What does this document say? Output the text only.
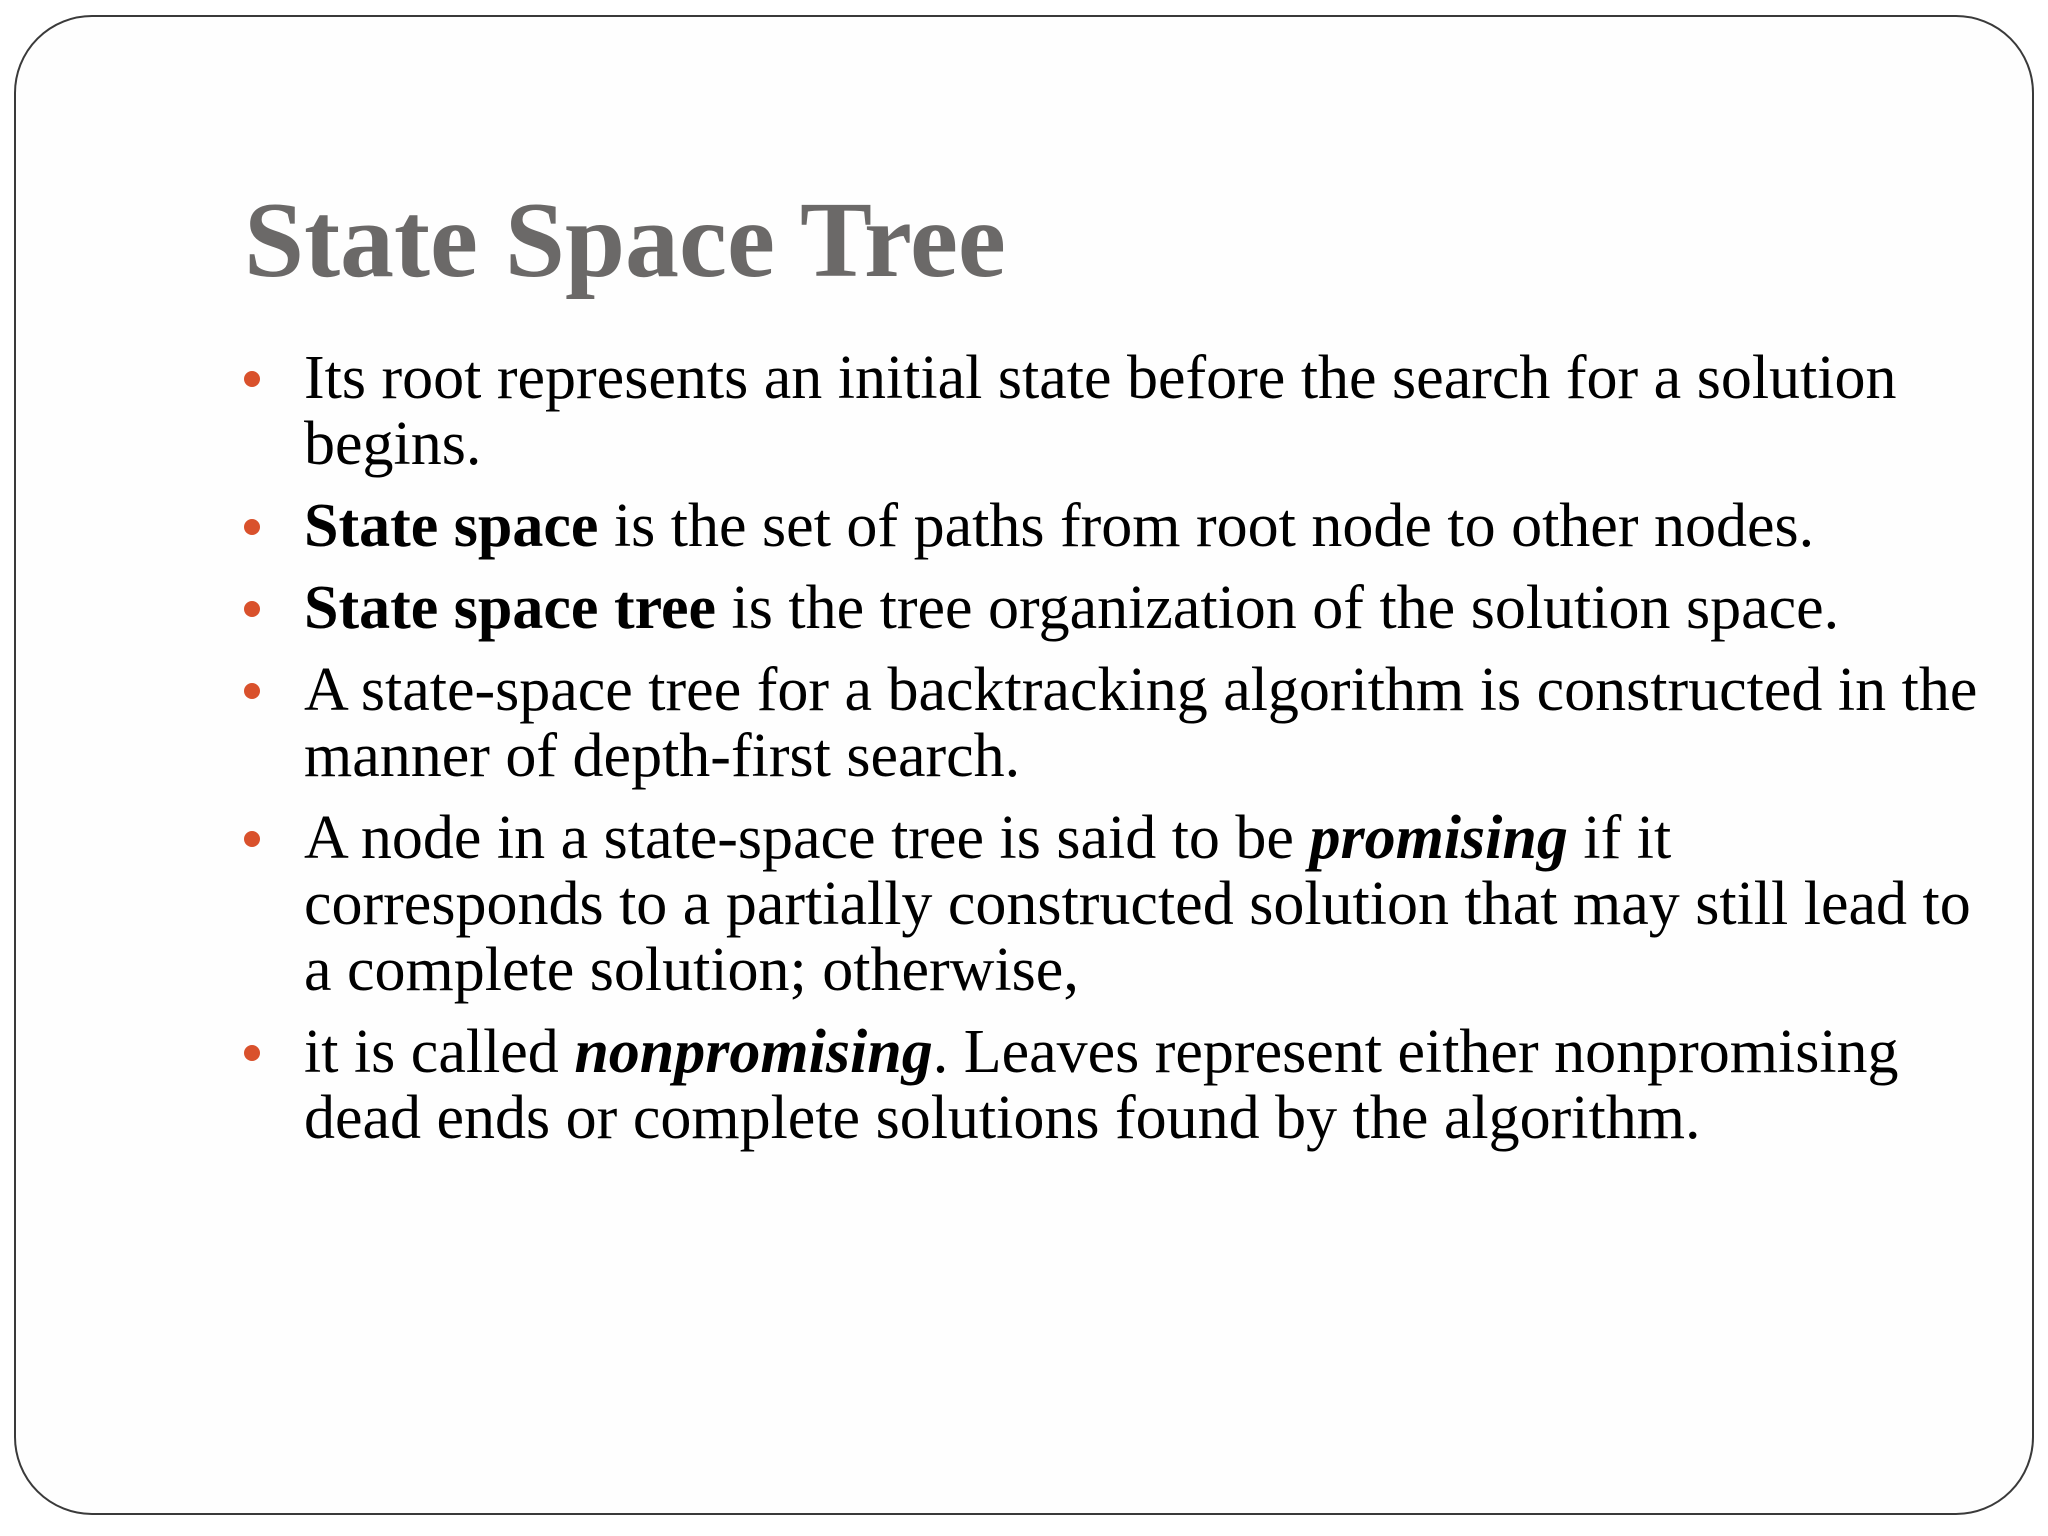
State Space Tree
Its root represents an initial state before the search for a solution begins.
State space is the set of paths from root node to other nodes.
State space tree is the tree organization of the solution space.
A state-space tree for a backtracking algorithm is constructed in the manner of depth-first search.
A node in a state-space tree is said to be promising if it corresponds to a partially constructed solution that may still lead to a complete solution; otherwise,
it is called nonpromising. Leaves represent either nonpromising dead ends or complete solutions found by the algorithm.
